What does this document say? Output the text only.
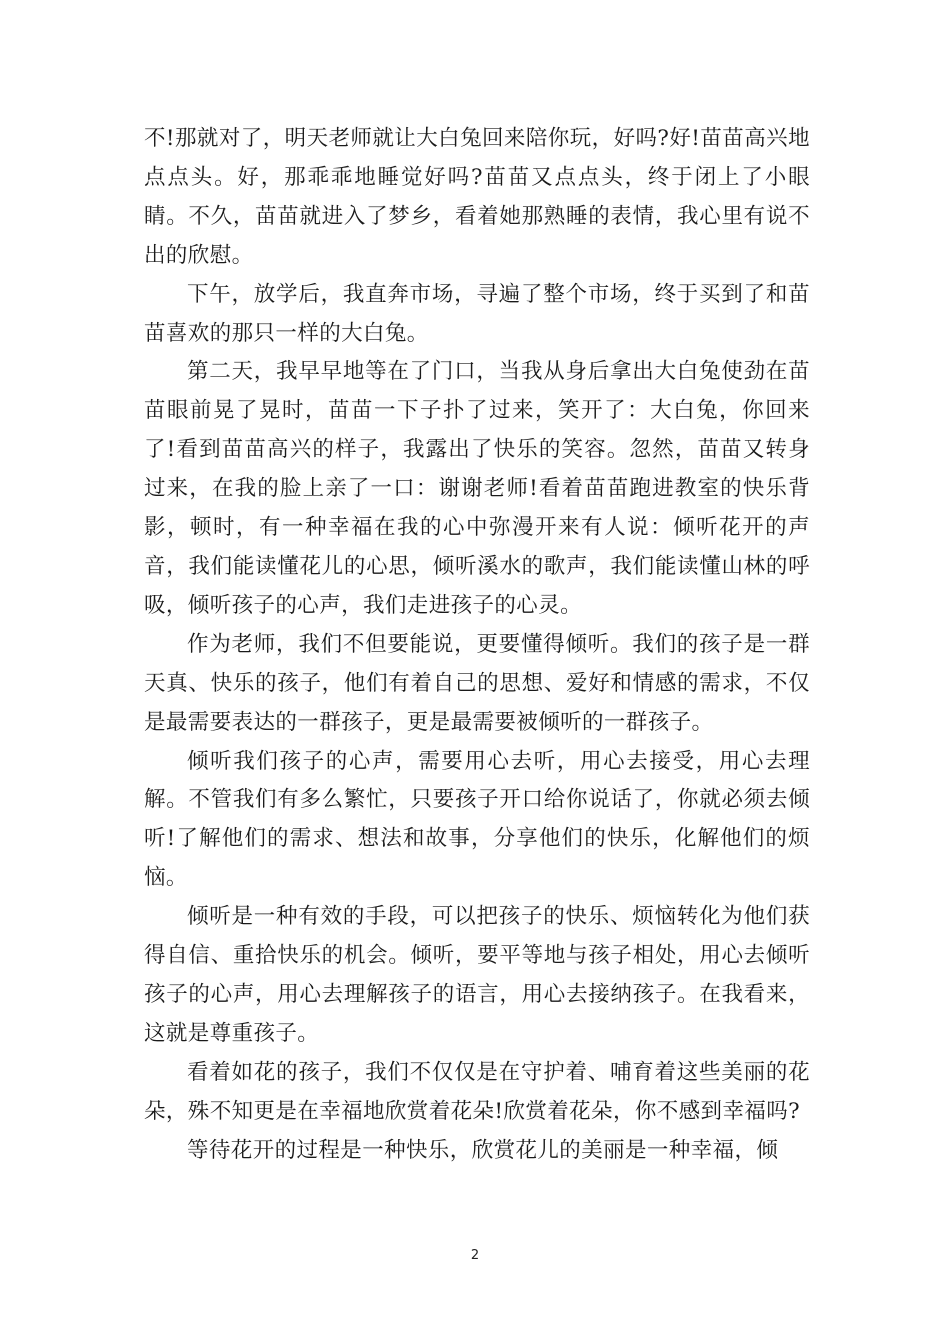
不!那就对了，明天老师就让大白兔回来陪你玩，好吗?好!苗苗高兴地点点头。好，那乖乖地睡觉好吗?苗苗又点点头，终于闭上了小眼睛。不久，苗苗就进入了梦乡，看着她那熟睡的表情，我心里有说不出的欣慰。

下午，放学后，我直奔市场，寻遍了整个市场，终于买到了和苗苗喜欢的那只一样的大白兔。

第二天，我早早地等在了门口，当我从身后拿出大白兔使劲在苗苗眼前晃了晃时，苗苗一下子扑了过来，笑开了：大白兔，你回来了!看到苗苗高兴的样子，我露出了快乐的笑容。忽然，苗苗又转身过来，在我的脸上亲了一口：谢谢老师!看着苗苗跑进教室的快乐背影，顿时，有一种幸福在我的心中弥漫开来有人说：倾听花开的声音，我们能读懂花儿的心思，倾听溪水的歌声，我们能读懂山林的呼吸，倾听孩子的心声，我们走进孩子的心灵。

作为老师，我们不但要能说，更要懂得倾听。我们的孩子是一群天真、快乐的孩子，他们有着自己的思想、爱好和情感的需求，不仅是最需要表达的一群孩子，更是最需要被倾听的一群孩子。

倾听我们孩子的心声，需要用心去听，用心去接受，用心去理解。不管我们有多么繁忙，只要孩子开口给你说话了，你就必须去倾听!了解他们的需求、想法和故事，分享他们的快乐，化解他们的烦恼。

倾听是一种有效的手段，可以把孩子的快乐、烦恼转化为他们获得自信、重拾快乐的机会。倾听，要平等地与孩子相处，用心去倾听孩子的心声，用心去理解孩子的语言，用心去接纳孩子。在我看来，这就是尊重孩子。

看着如花的孩子，我们不仅仅是在守护着、哺育着这些美丽的花朵，殊不知更是在幸福地欣赏着花朵!欣赏着花朵，你不感到幸福吗?

等待花开的过程是一种快乐，欣赏花儿的美丽是一种幸福，倾

2
